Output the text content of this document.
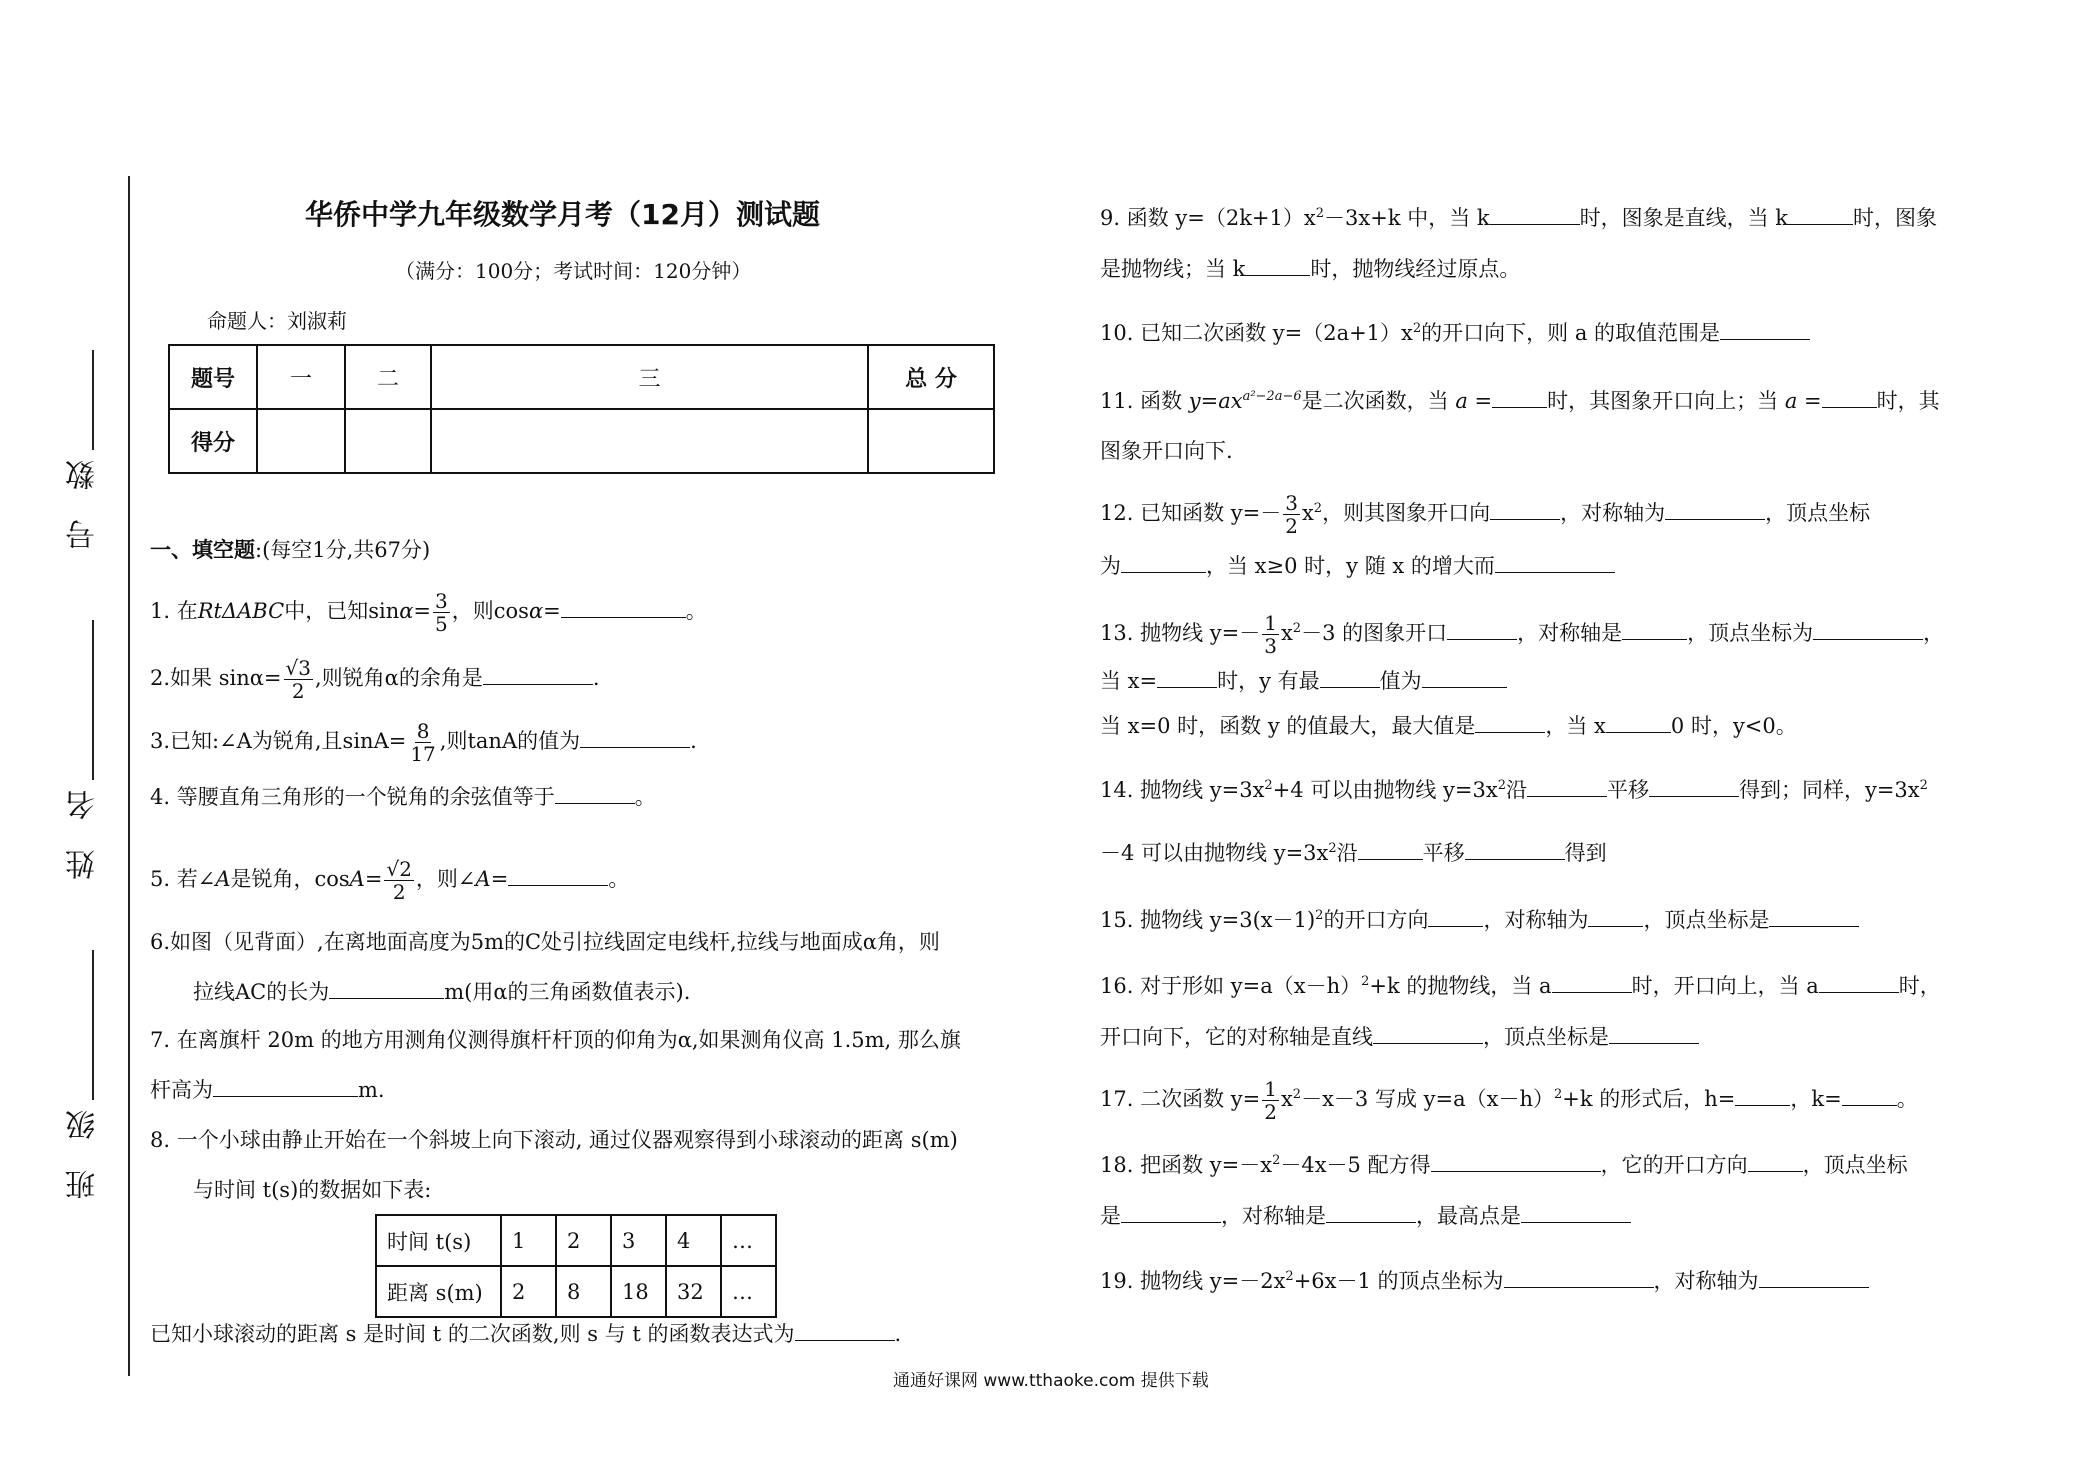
班 级
姓 名
号 数
华侨中学九年级数学月考（12月）测试题
（满分：100分；考试时间：120分钟）
命题人：刘淑莉
题号	一	二	三	总 分
得分				
一、填空题:(每空1分,共67分)
1. 在RtΔABC中，已知$\sin\alpha= \frac{3}{5}$ ，则cosα=	。
2.如果 $\sin\alpha= \frac{√3}{2}$ ,则锐角α的余角是	.
3.已知:∠A为锐角,且$\sin A= \frac{8}{17}$ ,则tanA的值为	.
4. 等腰直角三角形的一个锐角的余弦值等于	。
5. 若∠A是锐角，$\cos A= \frac{√2}{2}$ ，则∠A=	。
6.如图（见背面）,在离地面高度为5m的C处引拉线固定电线杆,拉线与地面成α角，则
拉线AC的长为	m(用α的三角函数值表示).
7. 在离旗杆 20m 的地方用测角仪测得旗杆杆顶的仰角为α,如果测角仪高 1.5m, 那么旗
杆高为	m.
8. 一个小球由静止开始在一个斜坡上向下滚动, 通过仪器观察得到小球滚动的距离 s(m)
与时间 t(s)的数据如下表:
时间 t(s)	1	2	3	4	…
距离 s(m)	2	8	18	32	…
已知小球滚动的距离 s 是时间 t 的二次函数,则 s 与 t 的函数表达式为	.
9. 函数 $y=(2k+1)x^2-3x+k$ 中，当 k	时，图象是直线，当 k	时，图象
是抛物线；当 k	时，抛物线经过原点。
10. 已知二次函数 $y=(2a+1)x^2$的开口向下，则 a 的取值范围是
11. 函数 $y=ax^{a^2-2a-6}$是二次函数，当 a =	时，其图象开口向上；当 a =	时，其
图象开口向下.
12. 已知函数 $y=- \frac{3}{2} x^2$，则其图象开口向	，对称轴为	，顶点坐标
为	，当 x≥0 时，y 随 x 的增大而
13. 抛物线 $y=- \frac{1}{3} x^2-3$ 的图象开口	，对称轴是	，顶点坐标为	，
当 x=	时，y 有最	值为
当 x=0 时，函数 y 的值最大，最大值是	，当 x	0 时，y<0。
14. 抛物线 $y=3x^2+4$ 可以由抛物线 $y=3x^2$沿	平移	得到；同样，$y=3x^2$
－4 可以由抛物线 $y=3x^2$沿	平移	得到
15. 抛物线 $y=3(x-1)^2$的开口方向	，对称轴为	，顶点坐标是
16. 对于形如 $y=a(x-h)^2+k$ 的抛物线，当 a	时，开口向上，当 a	时，
开口向下，它的对称轴是直线	，顶点坐标是
17. 二次函数 $y= \frac{1}{2} x^2-x-3$ 写成 $y=a(x-h)^2+k$ 的形式后，h=	，k=	。
18. 把函数 $y=-x^2-4x-5$ 配方得	，它的开口方向	，顶点坐标
是	，对称轴是	，最高点是
19. 抛物线 $y=-2x^2+6x-1$ 的顶点坐标为	，对称轴为
通通好课网 www.tthaoke.com 提供下载
